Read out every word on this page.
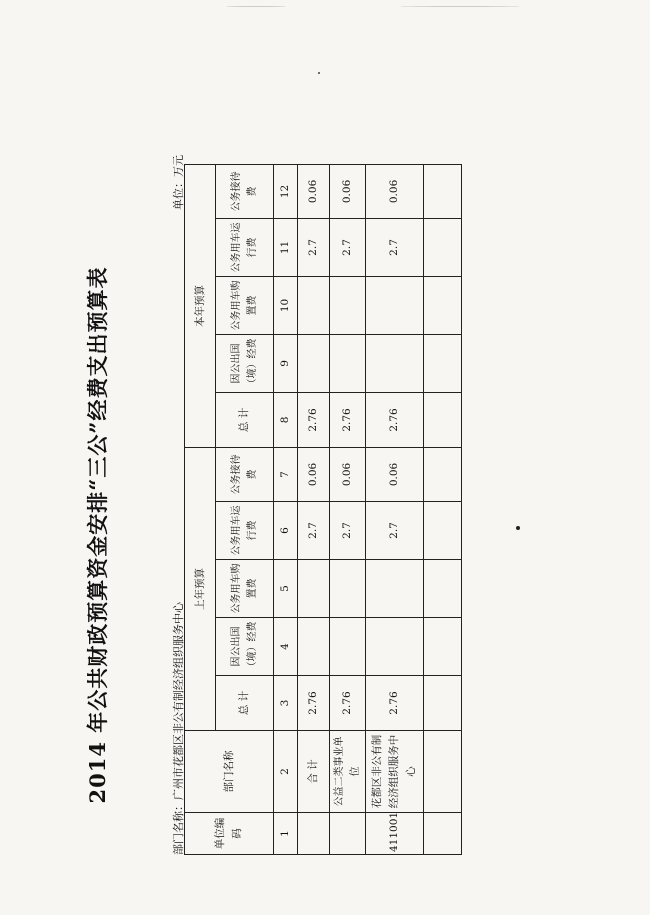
2014 年公共财政预算资金安排“三公”经费支出预算表	部门名称：广州市花都区非公有制经济组织服务中心
单位：万元
单位编码	部门名称	上年预算					本年预算				
		总 计	因公出国（境）经费	公务用车购置费	公务用车运行费	公务接待费	总 计	因公出国（境）经费	公务用车购置费	公务用车运行费	公务接待费
1	2	3	4	5	6	7	8	9	10	11	12
	合 计	2.76			2.7	0.06	2.76			2.7	0.06
	公益二类事业单位	2.76			2.7	0.06	2.76			2.7	0.06
411001	花都区非公有制经济组织服务中心	2.76			2.7	0.06	2.76			2.7	0.06
